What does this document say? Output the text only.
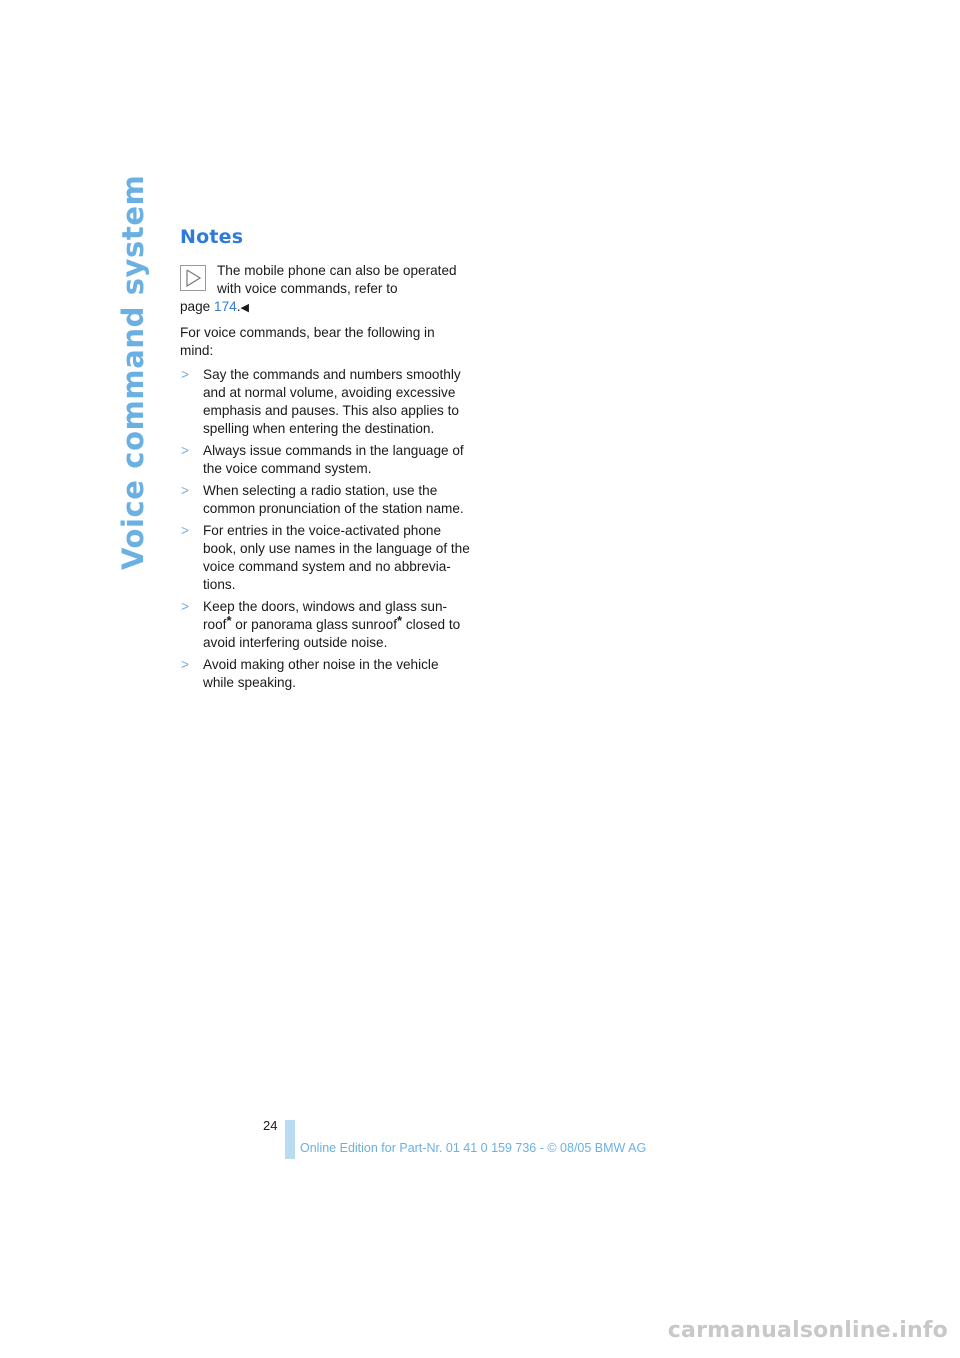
Voice command system Notes
The mobile phone can also be operated
with voice commands, refer to
page 174.◀
For voice commands, bear the following in
mind:
> Say the commands and numbers smoothly
and at normal volume, avoiding excessive
emphasis and pauses. This also applies to
spelling when entering the destination.
> Always issue commands in the language of
the voice command system.
> When selecting a radio station, use the
common pronunciation of the station name.
> For entries in the voice-activated phone
book, only use names in the language of the
voice command system and no abbrevia-
tions.
> Keep the doors, windows and glass sun-
roof* or panorama glass sunroof* closed to
avoid interfering outside noise.
> Avoid making other noise in the vehicle
while speaking.
24
Online Edition for Part-Nr. 01 41 0 159 736 - © 08/05 BMW AG
carmanualsonline.info
